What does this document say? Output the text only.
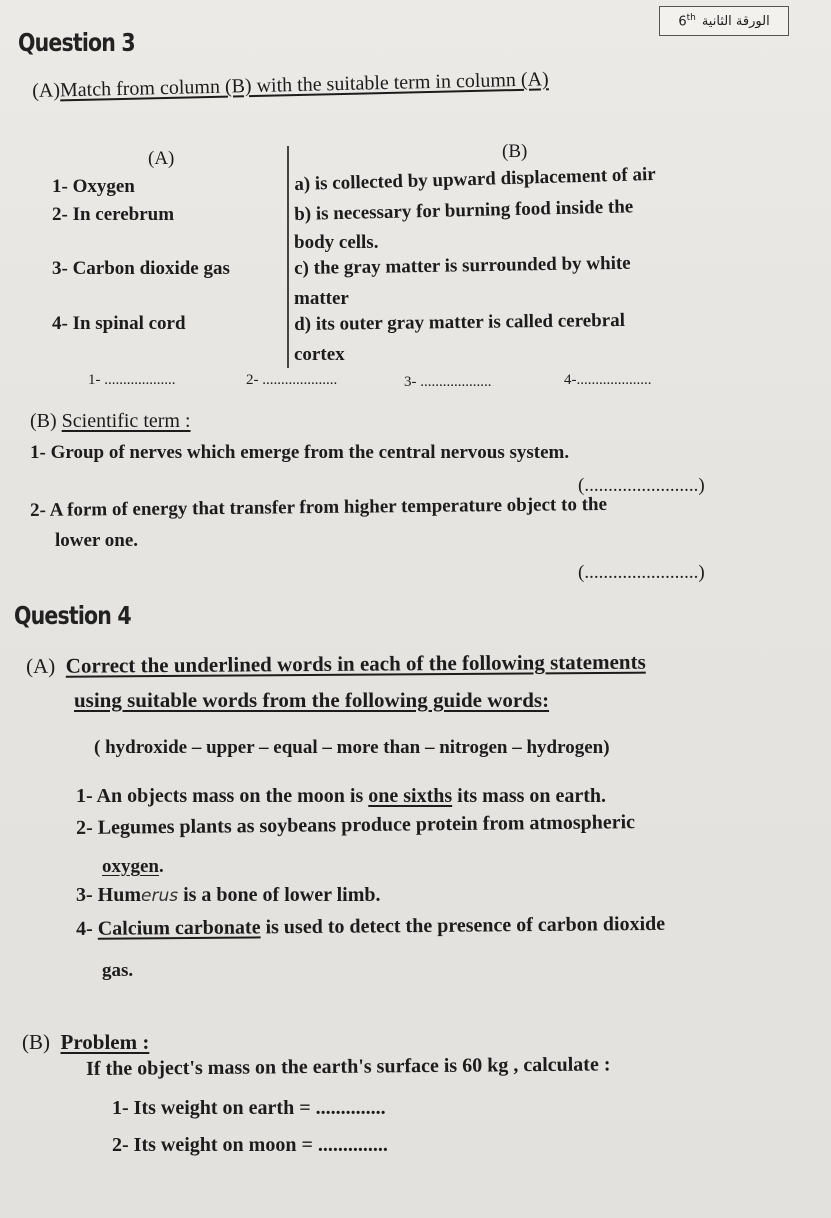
6th الورقة الثانية
Question 3
(A)Match from column (B) with the suitable term in column (A)
(A)	(B)
1- Oxygen
2- In cerebrum
3- Carbon dioxide gas
4- In spinal cord
a) is collected by upward displacement of air
b) is necessary for burning food inside the
body cells.
c) the gray matter is surrounded by white
matter
d) its outer gray matter is called cerebral
cortex
1- ...................	2- ....................	3- ...................	4-....................
(B) Scientific term :
1- Group of nerves which emerge from the central nervous system.
(........................)
2- A form of energy that transfer from higher temperature object to the
lower one.
(........................)
Question 4
(A) Correct the underlined words in each of the following statements
using suitable words from the following guide words:
( hydroxide – upper – equal – more than – nitrogen – hydrogen)
1- An objects mass on the moon is one sixths its mass on earth.
2- Legumes plants as soybeans produce protein from atmospheric
oxygen.
3- Humerus is a bone of lower limb.
4- Calcium carbonate is used to detect the presence of carbon dioxide
gas.
(B) Problem :
If the object's mass on the earth's surface is 60 kg , calculate :
1- Its weight on earth = ..............
2- Its weight on moon = ..............
